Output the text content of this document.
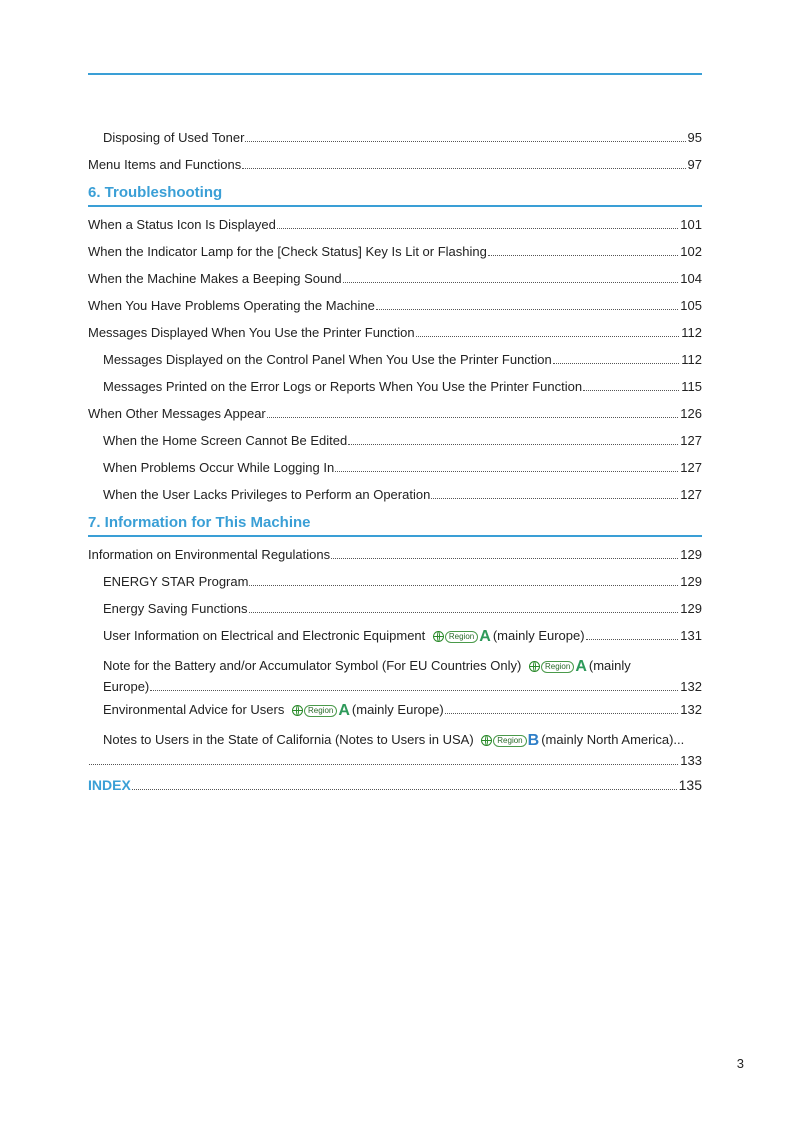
Disposing of Used Toner	95
Menu Items and Functions	97
6. Troubleshooting
When a Status Icon Is Displayed	101
When the Indicator Lamp for the [Check Status] Key Is Lit or Flashing	102
When the Machine Makes a Beeping Sound	104
When You Have Problems Operating the Machine	105
Messages Displayed When You Use the Printer Function	112
Messages Displayed on the Control Panel When You Use the Printer Function	112
Messages Printed on the Error Logs or Reports When You Use the Printer Function	115
When Other Messages Appear	126
When the Home Screen Cannot Be Edited	127
When Problems Occur While Logging In	127
When the User Lacks Privileges to Perform an Operation	127
7. Information for This Machine
Information on Environmental Regulations	129
ENERGY STAR Program	129
Energy Saving Functions	129
User Information on Electrical and Electronic Equipment	Region A (mainly Europe)	131
Note for the Battery and/or Accumulator Symbol (For EU Countries Only)	Region A (mainly
Europe)	132
Environmental Advice for Users	Region A (mainly Europe)	132
Notes to Users in the State of California (Notes to Users in USA)	Region B (mainly North America)...
133
INDEX	135
3
